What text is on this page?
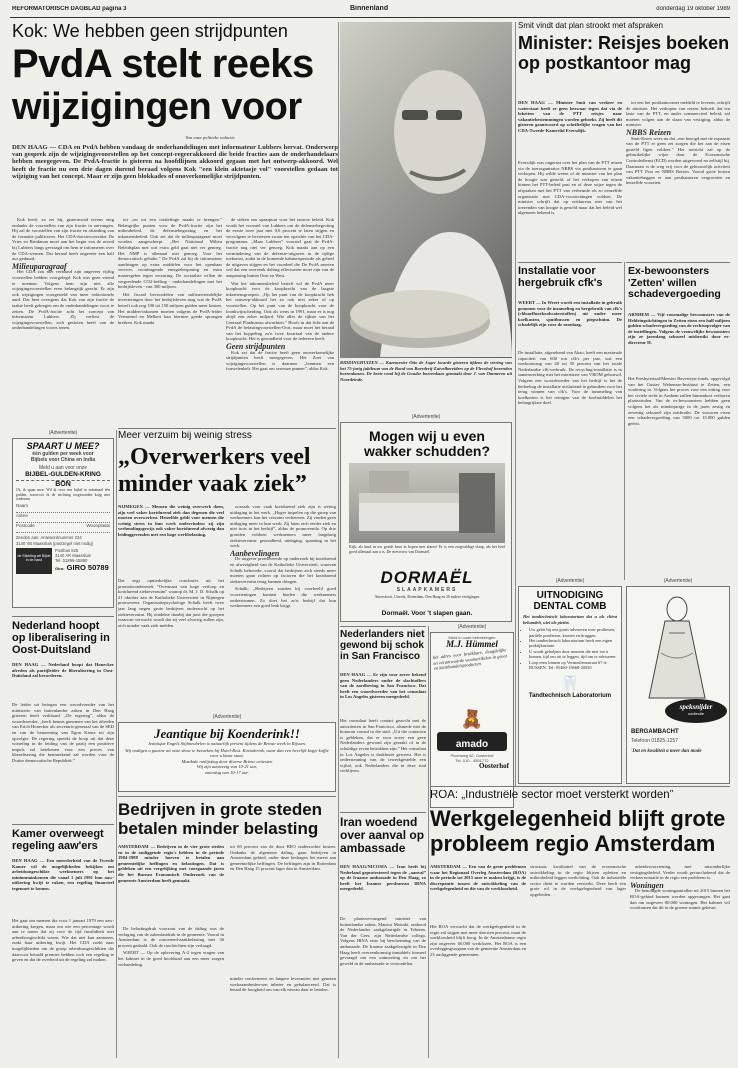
REFORMATORISCH DAGBLAD pagina 3	Binnenland	donderdag 19 oktober 1989
Kok: We hebben geen strijdpunten
PvdA stelt reeks
wijzigingen voor
Van onze politieke redactie
DEN HAAG — CDA en PvdA hebben vandaag de onderhandelingen met informateur Lubbers hervat. Onderwerp van gesprek zijn de wijzigingsvoorstellen op het concept-regeerakkoord die beide fracties aan de onderhandelaars hebben meegegeven. De PvdA-fractie is gisteren na hoofdlijnen akkoord gegaan met het ontwerp-akkoord. Wel heeft de fractie nu een drie dagen durend beraad volgens Kok "een klein aktetasje vol" voorstellen gedaan tot wijziging van het concept. Maar er zijn geen blokkades of onoverkomelijke strijdpunten.

Kok heeft, zo zei hij, gisteravond tevens enig ondanks de voorstellen van zijn fractie in ontvangen. Hij zal de voorstellen van zijn fractie en aftanding van de formatie publiceren. Het CDA-fractievoorzitter De Vries en Brinkman moet aan het begin van de avond bij Lubbers langs gevraagd om hem te informeren over de CDA-wensen. Dat beraad heeft ongeveer een half uur geduurd.

Milieuparagraaf

Het CDA zou niet verbaasd zijn ongeveer vijftig voorstellen hebben voorgelegd. Kok was geen vriend te noemen. Volgens hem zijn niet alle wijzigingsvoorstellen even belangrijk geacht. Er zijn ook wijzigingen voorgesteld van meer redactionele aard. Dat heet overigens dat Kok van zijn fractie de taakte heeft gekregen om de onderhandelingen voort te zetten. De PvdA-fractie acht het concept van informateur Lubbers. Zij verliest de wijzigingsvoorstellen, zich gesloten heeft van de onderhandelingen voorts tonen.

tot „en tot een totalefinge maakt te brengen.” Belangrijke punten voor de PvdA-fractie zijn het milieubeleid, de defensiebegroting en het inkomensbeleid. Ook zet dat de milieuparagraaf moet worden aangescherpt. „Het Nationaal Milieu Beleidsplan met wat extra geld gaat niet ver genoeg. Het NMP is allemaal niet genoeg. Voor het democratisch gehalte.” De PvdA zal bij de informateur aandringen op extra middelen voor het openbaar vervoer, voordragende energiebesparing en extra maatregelen tegen verzuring. De sociaalste willen de vergoedende CO2-heffing - onderhandelingen met het bedrijfsleven - van 300 miljoen.

Het fiscaal bevoordelen van milieuvriendelijke investeringen door het bedrijfsleven mag wat de PvdA betreft ook nog 100 tot 150 miljoen gulden meer kosten. Het midden-inkomen moeten volgens de PvdA-leider Vermeend en Melkert kan hiermee goede sprongen breiken. Kok maakt

de steken een spaarpuut voor het tauwse beleid. Kok wordt het voorstel van Lubbers om de defensiebegroting de eerste twee jaar met 0,6 procent te laten stijgen en vervolgens te bevriezen zwaar ten opzichte van het CDA-programma. „Maar Lubbers” voorstel gaat de PvdA-fractie nog niet ver genoeg. Kok maakt aan op een vermindering van de defensie-uitgaven in de tijdige toekomst, zodat in de komende kabinetsperiode als geheel de uitgaven stijgen en het voordeel die De PvdA moeten wel dat een overeenk dalting effectueren moet zijn van de aanpassing buiten Oost en West.

Wat het inkomensbeleid betreft wil de PvdA meer koopkracht voor de koopkracht van de laagste inkomensgroepen. „Op het punt van de koopkracht heb het ontwerp-akkoord het zo ook niet zeker of op voorstellen. Op het punt van de koopkracht voor de loonkwijtscheiding. Ook als wens in 1991, maar er is nog altijd een zeker miljard. Wie alles de rijkste van het Centraal Planbureau afwachten.” Hoofs in dat licht aan de PvdA de belastingvoorstellen-Oort, maar moet het beraad van het koppeling zo'n twee kwartaal van de andere koopkracht. Het is gezondheid voor de iedereen heeft.

Geen strijdpunten

Kok zei dat de fractie heeft geen onoverkomelijke strijdpunten heeft meegegeven. Het Zoet van wijzigingsvoorstellen is daarmee „lemmen een fouwelenhelt. Het gaat om serieuze punten”, aldus Kok.

RIDDINGHUIZEN — Kazemester Otto de Jager kwarde gisteren tijdens de viering van het 75-jarig jubileum van de Bond van Boerderij-Zuivelbereiders op de Flevohof horenden boerenkazen. De beste vond hij de Goudse boerenkaas gemaakt door J. van Ommeren uit Noordeinde.
Smit vindt dat plan strookt met afspraken
Minister: Reisjes boeken op postkantoor mag
DEN HAAG — Minister Smit van verkeer en waterstaat heeft er geen bezwaar tegen dat via de loketten van de PTT reisjes naar vakantiebestemmingen worden geboekt. Zij heeft dit gisteren geantwoord op schriftelijke vragen van het CDA-Tweede-Kamerlid Eversdijk.
Eversdijk was ongerust over het plan van de PTT reizen via de toerorganisator NBBS via postkantoren te gaan verkopen. Hij wilde weten of de minister van het plan de hoogte was gesteld, of het verkopen van reizen binnen het PTT-beleid past en of deze wijze tegen de afspraken met het PTT van verbeurde als zo eenzelfde organisatie met CDA-voorzieningen voldoet. De minister schrijft dat op reisbureau niet van het toezenden van hoogte is gesteld maar dat het beleid wel algemeen bekend is.

tot een het postkantoornet meldeld te leveren, schrijft de minister. Het verkopen van reizen behoeft dat ten laste van de PTT, en ander commercieel beleid, zal moeten volgen aan de slaan van vestiging, aldus de minister.

NBBS Reizen

Smit-Kroes wees nu dat „een beoogd met de expansie van de PTT er geen zet zorgen die het aan de eisen gesteld ligen voldoet.” Het toezicht zal op de gebruikelijke wijze door de Economische Controledienst (ECD) worden uitgevoerd en zelfstijl bij. Daarnaast is de weg vrij voor de gebouwelijk activiteit van PTT Post en NBBS Reizen. Vooral grote kosten vakantiebeggen er aan postkantoren vergrootten en hetzelfde voorzien.

Installatie voor hergebruik cfk's
WEERT — In Weert wordt een installatie in gebruik genomen voor de inzameling en hergebruik van cfk's (chloorfluorkoolwaterstoffen) uit onder meer koelkasten, spuitbussen en piepschuim. De schadelijk zijn voor de ozonlaag.
De installatie, afgerekend van Akzo, heeft een maximale capaciteit van 600 ton cfk's per jaar, wat een werkomvang van 40 tot 50 procent van het totale Nederlandse cfk-verbruik. De recycling-installatie is in samenwerking met het ministerie van VROM gebouwd. Volgens een woordvoerder van het bedrijf is het de bedoeling de installatie uitsluitend te gebruiken voor het terug winnen van cfk's. Voor de inzameling van koelkasten is het reinigen van de koelmiddelen het belangrijkste doel.
Ex-bewoonsters 'Zetten' willen schadevergoeding
ARNHEM — Vijf voormalige bewoonsters van de Heldringstichtingen in Zetten eisen een half miljoen gulden schadevergoeding van de rechtsopvolger van de instellingen. Volgens de vrouwelijke bewoonsters zijn ze jarenlang seksueel misbruikt door ex-directeur H.
Het Presbyteriaal/Meester Ravesteyn-fonds, opgevolgd van het Gustav Wehenaar-Instituut te Zetten, een vordering in. Volgens het proces voor een zitting voor het civiele recht in Arnhem zullen binnenkort verhoren plaatsvinden. Van de ex-bewoonsters hebben geen volgens het als minderjarige in de jaren zestig en zeventig seksueel zijn misbruikt. De vrouwen eisen een schadevergoeding van 5000 tot 15.000 gulden geëist.
(Advertentie)
SPAART U MEE?
één gulden per week voor
Bijbels voor China en India
Meld u aan voor onze
BIJBEL-GULDEN-KRING
BON
JA, ik spaar mee. Wil ik voor een bijbel te minimaal één gulden, waarvoor ik de stichting toegezonden krijg met wederom
Naam
Adres
Postcode	Woonplaats
Zenden aan: Antwoordnummer 234
3140 VB Maassluis (postzegel niet nodig)
de Stichting wil Bijbel in de hand
Postbus 625
3140 AR Maassluis
Tel. 01899-15860
Giro: GIRO 50789
Meer verzuim bij weinig stress
„Overwerkers veel minder vaak ziek”
NIJMEGEN — Mensen die weinig overwerk doen, zijn veel vaker kortdurend ziek dan degenen die veel moeten overwerken. Hetzelfde geldt voor mensen die weinig stress in hun werk ondervinden: zij zijn verhoudingsgewijs ook vaker kortdurend afwezig dan leidinggevenden met een hoge werkbelasting.
Dat zegt opmerkelijke conclusies uit het promotieonderzoek "Overmaat van hoge verloop en kortdurend ziekteverzuim" waarop dr. M. J. D. Schalk op 21 oktober aan de Katholieke Universiteit in Nijmegen promoveert. Organisatiepsychologe Schalk heeft twee jaar lang negen grote bedrijven onderzocht op het ziekteverzuim. Hij ontdekte daarbij dat juist die groepen waarvan verwacht wordt dat zij veel afwezig zullen zijn, zich minder vaak ziek melden.

oorzaak voor vaak kortdurend ziek zijn is weinig uitdaging in het werk. „Hoger inspelen op die groep van werknemers kan het verzuim verbeteren. Zij vinden geen uitdaging meer in hun werk. Zij laten zich eerder ziek en niet trots in het bedrijf”, aldus de promovenda. Op drie gronden voldoen werknemers meer langdurig ziekteverzuim: gezondheid, uitdaging, spanning in het werk.

Aanbevelingen

De uitgever promoveerde op onderzoek bij kortdurend en afwezigheid van de Katholieke Universiteit, waarvan Schalk behoorde, vooral dat bedrijven zich steeds meer moeten gaan richten op factoren die het kortdurend ziekteverzuim terug kunnen dringen.

Schalk: „Bedrijven zouden bij voorbeeld goed voorzieningen kunnen bieden die werknemers ondersteunen. Zo doet het zo'n bedrijf dat hun werknemers een goed leuk krijgt.

(Advertentie)
Mogen wij u even wakker schudden?
Kijk, als knul in uw goede keus in kopen met alarm? Er is een zorgvuldige slaap, als het heel goed allemaal aan u is. De mevrouw van Dormaël.
DORMAËL
SLAAPKAMERS
Amersfoort, Utrecht, Rotterdam, Den Haag en 20 andere vestigingen
Dormaël. Voor 't slapen gaan.
(Advertentie)
UITNODIGING DENTAL COMB
Het tandtechnisch laboratorium dat u als cliënt behandelt, wiel als pietlet.
• Uw gebit bij ons gratis adviseren over prothesen, partiële prothesen, kronen en bruggen.
• Het tandtechnisch laboratorium heeft een eigen praktijkruimte.
• U wordt geholpen door mensen die niet toe u komen, tijd om uit te leggen, tijd om te adviseren.
• Loop eens binnen op Vermeulensstraat 67 te RUSSEN. Tel. 05460-15668-20030
🦷
Tandtechnisch Laboratorium
(Advertentie)
speksnijder
confectie
BERGAMBACHT
Telefoon 01825-1257
'Dat en kwaliteit a meer dan mode
Nederland hoopt op liberalisering in Oost-Duitsland
DEN HAAG — Nederland hoopt dat Honecker afreden als partijleider de liberalisering in Oost-Duitsland zal bevorderen.
De leider uit betogen een woordvoerder van het ministerie van buitenlandse zaken in Den Haag gisteren heeft verklaard. „De regering”, aldus de woordvoerder, „heeft kennis genomen van het aftreden van Erich Honecker als secretaris-generaal van de SED en van de benoeming van Egon Krenz tot zijn opvolger. De regering spreekt de hoop uit dat deze wisseling in de leiding van de partij een positieve impuls zal betekenen voor een proces van liberalisering die kenmerkend zal worden voor de Duitse democratische Republiek.”
(Advertentie)
Jeantique bij Koenderink!!
Jeantique Engels Stijlmeubelen is natuurlijk present tijdens de Brinse week in Rijssen.
Wij nodigen u gaarne uit onze show te bezoeken bij Hotel-Rest. Koenderink, waar dan een heerlijk kopje koffie voor u klaar staat.
Muzikale omlijsting door diverse Brinse artiesten
Wij zijn aanwezig van 10-21 uur,
zaterdag van 10-17 uur.
Nederlanders niet gewond bij schok in San Francisco
DEN HAAG — Er zijn voor zover bekend geen Nederlanders onder de slachtoffers van de aardbeving in San Francisco. Dat heeft een woordvoerder van het consulaat in Los Angeles gisteren meegedeeld.
Het consulaat heeft contact gezocht met de autoriteiten in San Francisco, alsmede met de honorair consul in die stad. „Uit die contacten is gebleken, dat er voor zover een geen Nederlanders gewond zijn geraakt of in de schuldige ervan betrokken zijn.” Het consulaat in Los Angeles is drukbezet geweest. Het is ondersteuning van de tewerkgestelde een vijftal, ook Nederlanders die in deze stad verblijven.
(Advertentie)
Meld in oude betrekkingen
M.J. Hümmel
hét adres voor bruikbare, deugdelijke en verantwoorde woonartikelen in groot en kleinhandelsproducten
🧸
amado
Pioenweg 62, Oosterhof
Tel. 010 - 4551772
Oosterhof
Kamer overweegt regeling aaw'ers
DEN HAAG — Een meerderheid van de Tweede Kamer wil de mogelijkheden bekijken om arbeidsongeschikte werknemers op het minimuminkomen die vanaf 1 juli 1991 hun aaw-uitkering kwijt te raken, een regeling financieel tegemoet te komen.
Het gaat om mensen die voor 1 januari 1979 een aaw-uitkering kregen, maar om wie een percentage wordt aan te tonen dat zij voor de tijd invaliditeit niet arbeidsongeschikt waren. Wie dat niet kan aantonen, raakt haar uitkering kwijt. Het CDA zoekt naar mogelijkheden om de groep arbeidsongeschikten die daarvoor betaald premies hebben toch een regeling te geven en dat de overheid uit de regeling zal maken.
Bedrijven in grote steden betalen minder belasting
AMSTERDAM — Bedrijven in de vier grote steden en in de omliggende regio's hebben in de periode 1984-1988 minder hoeven te betalen aan gemeentelijke heffingen en belastingen. Dat is gebleken uit een vergelijking met voorgaande jaren die het Bureau Economisch Onderzoek van de gemeente Amsterdam heeft gemaakt.

De belastingdruk voorzout van de daling was de verlaging van de zakenlastdruk in de gemeente. Vooral in Amsterdam is de onroerend-zaakbelasting met 36 procent gedaald. Ook de rioolrechten zijn verlaagd.

WEERT — Op de oplevering A-2 tegen vragen van het kabinet in de goed hoofdstad aan een meer zorgen verhandeling.

tot 60 procent van de door BEO onderzochte kosten. Ondanks de algemene daling, gaan bedrijven in Amsterdam gebied, onder deze bedragen het meest aan gemeentelijke heffingen. De heffingen zijn in Rotterdam en Den Haag 15 procent lager dan in Amsterdam.
minder conformeert en langere leveranties met genoten werkzaamheden-sen inbeter en gebalanceerd. Dat is betaal de hoogheid om van elk niveau daar te betalen.
Iran woedend over aanval op ambassade
DEN HAAG/NICOSIA — Iran heeft bij Nederland geprotesteerd tegen de „aanval” op de Iraanse ambassade in Den Haag, zo heeft het Iraanse persbureau IRNA meegedeeld.
De plaatsvervangend minister van buitenlandse zaken, Mansur Mottaki, ontbood de Nederlandse zaakgelastigde in Teheran. Van der Geer, zijn Nederlandse collega. Volgens IRNA eiste hij bescherming van de ambassade. De Iraanse zaakgelastigde in Den Haag heeft overeenkomstig inmiddels formeel gevraagd om een ontmoeting en om het geweld in de ambassade te veroordelen.
ROA: „Industriële sector moet versterkt worden”
Werkgelegenheid blijft grote probleem regio Amsterdam
AMSTERDAM — Een van de grote problemen waar het Regionaal Overleg Amsterdam (ROA) in de periode tot 2015 mee te maken krijgt, is de discrepantie tussen de ontwikkeling van de werkgelegenheid en die van de werkloosheid.
Het ROA verwacht dat de werkgelegenheid in de regio zal stijgen met meer dan tien procent, maar de werkloosheid blijft hoog. In de Amsterdamse regio zijn ongeveer 60.000 werklozen. Het ROA is een overleggingsorgaan van de gemeente Amsterdam en 23 omliggende gemeenten.
structuur, kwalitatief van de economische ontwikkeling in de regio blijven opletten en milieubeleid leggen verdichting. Ook de industriële sector dient te worden versterkt. Deze heeft een grote rol in de werkgelegenheid van lager opgeleiden.

arbeidsvoorziening, met uitzonderlijke vestigingsbeleid. Verder wordt geconcludeerd dat de verkeerssituatie in de regio een probleem is.

Woningen

De benodigde woningaantallen tot 2015 binnen het ROA-gebied kunnen worden opgevangen. Het gaat dan om ongeveer 80.000 woningen. Het kabinet wil voorkomen dat dit in de groene ruimte gebeurt.
